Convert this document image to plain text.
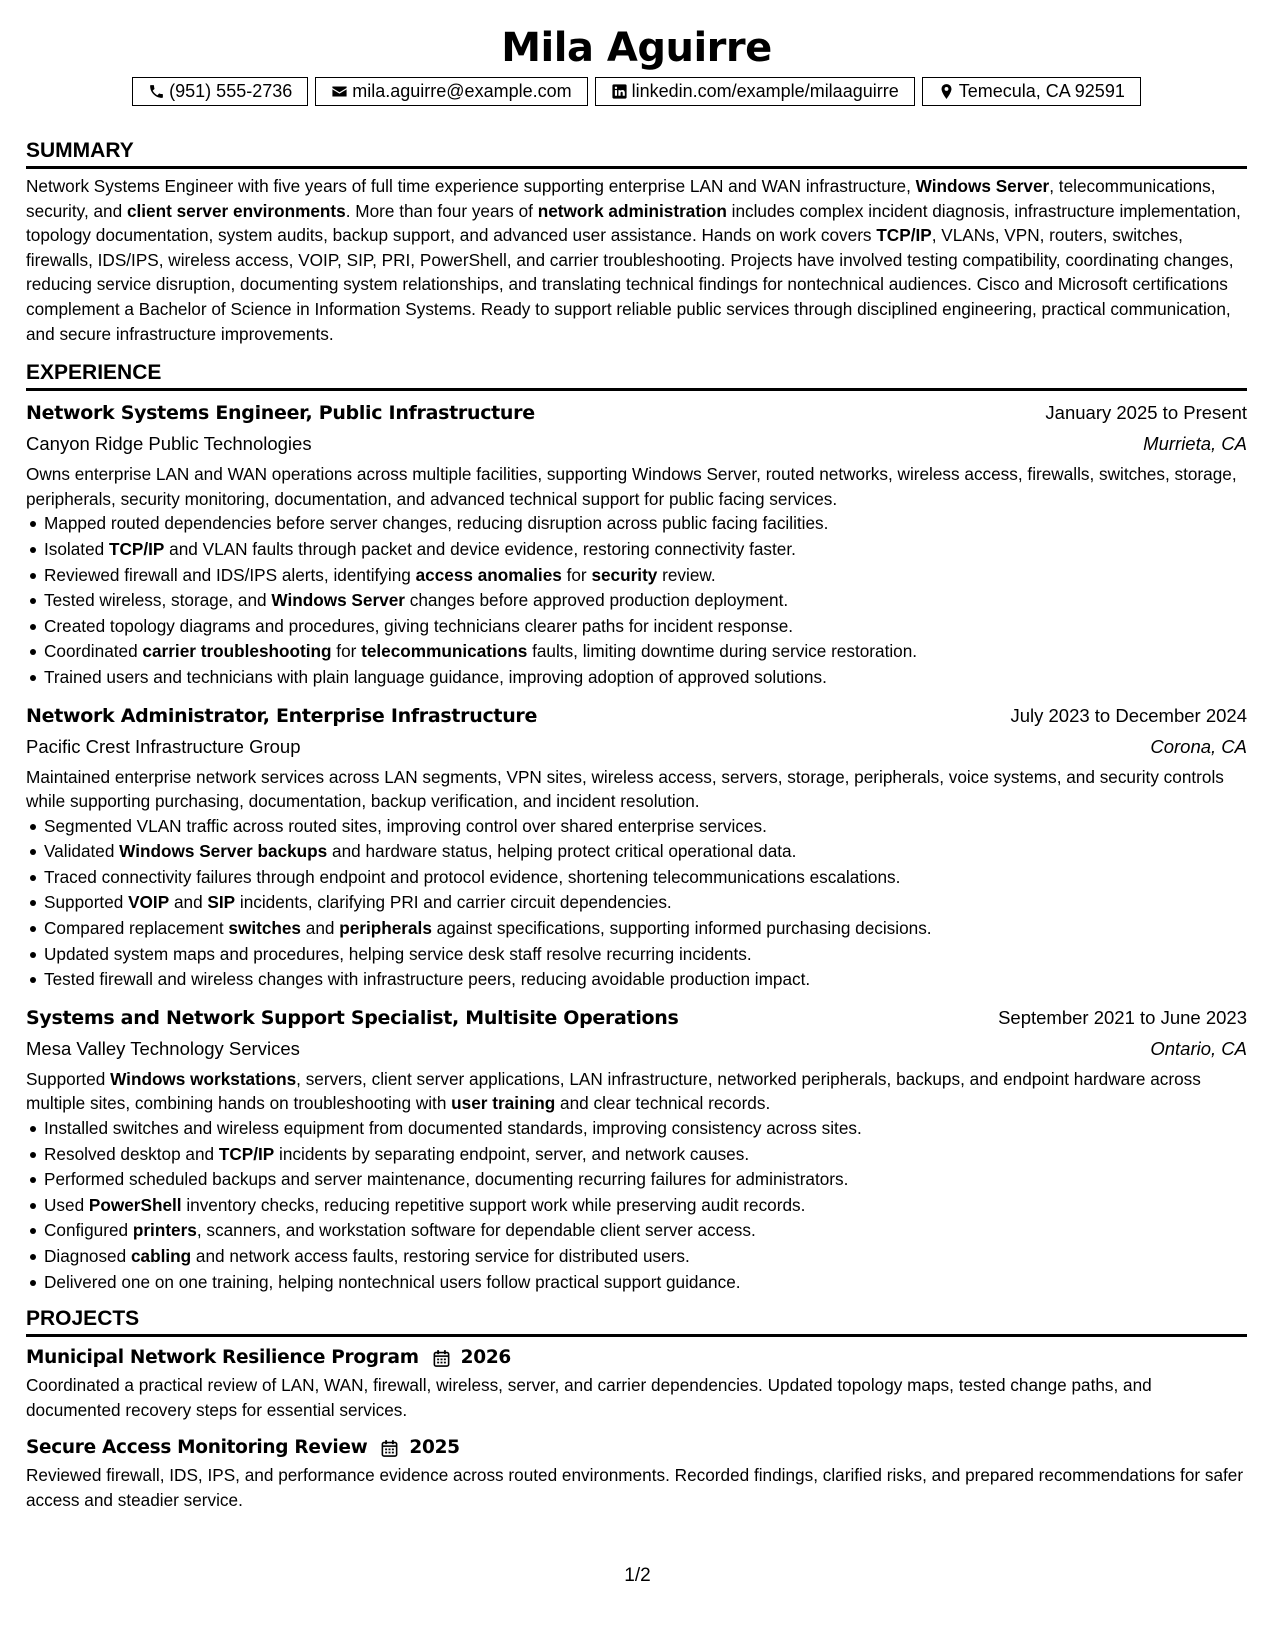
Mila Aguirre
(951) 555-2736	mila.aguirre@example.com	linkedin.com/example/milaaguirre	Temecula, CA 92591
SUMMARY

Network Systems Engineer with five years of full time experience supporting enterprise LAN and WAN infrastructure, Windows Server, telecommunications, security, and client server environments. More than four years of network administration includes complex incident diagnosis, infrastructure implementation, topology documentation, system audits, backup support, and advanced user assistance. Hands on work covers TCP/IP, VLANs, VPN, routers, switches, firewalls, IDS/IPS, wireless access, VOIP, SIP, PRI, PowerShell, and carrier troubleshooting. Projects have involved testing compatibility, coordinating changes, reducing service disruption, documenting system relationships, and translating technical findings for nontechnical audiences. Cisco and Microsoft certifications complement a Bachelor of Science in Information Systems. Ready to support reliable public services through disciplined engineering, practical communication, and secure infrastructure improvements.

EXPERIENCE
Network Systems Engineer, Public Infrastructure	January 2025 to Present
Canyon Ridge Public Technologies	Murrieta, CA

Owns enterprise LAN and WAN operations across multiple facilities, supporting Windows Server, routed networks, wireless access, firewalls, switches, storage, peripherals, security monitoring, documentation, and advanced technical support for public facing services.

Mapped routed dependencies before server changes, reducing disruption across public facing facilities.
Isolated TCP/IP and VLAN faults through packet and device evidence, restoring connectivity faster.
Reviewed firewall and IDS/IPS alerts, identifying access anomalies for security review.
Tested wireless, storage, and Windows Server changes before approved production deployment.
Created topology diagrams and procedures, giving technicians clearer paths for incident response.
Coordinated carrier troubleshooting for telecommunications faults, limiting downtime during service restoration.
Trained users and technicians with plain language guidance, improving adoption of approved solutions.
Network Administrator, Enterprise Infrastructure	July 2023 to December 2024
Pacific Crest Infrastructure Group	Corona, CA

Maintained enterprise network services across LAN segments, VPN sites, wireless access, servers, storage, peripherals, voice systems, and security controls while supporting purchasing, documentation, backup verification, and incident resolution.

Segmented VLAN traffic across routed sites, improving control over shared enterprise services.
Validated Windows Server backups and hardware status, helping protect critical operational data.
Traced connectivity failures through endpoint and protocol evidence, shortening telecommunications escalations.
Supported VOIP and SIP incidents, clarifying PRI and carrier circuit dependencies.
Compared replacement switches and peripherals against specifications, supporting informed purchasing decisions.
Updated system maps and procedures, helping service desk staff resolve recurring incidents.
Tested firewall and wireless changes with infrastructure peers, reducing avoidable production impact.
Systems and Network Support Specialist, Multisite Operations	September 2021 to June 2023
Mesa Valley Technology Services	Ontario, CA

Supported Windows workstations, servers, client server applications, LAN infrastructure, networked peripherals, backups, and endpoint hardware across multiple sites, combining hands on troubleshooting with user training and clear technical records.

Installed switches and wireless equipment from documented standards, improving consistency across sites.
Resolved desktop and TCP/IP incidents by separating endpoint, server, and network causes.
Performed scheduled backups and server maintenance, documenting recurring failures for administrators.
Used PowerShell inventory checks, reducing repetitive support work while preserving audit records.
Configured printers, scanners, and workstation software for dependable client server access.
Diagnosed cabling and network access faults, restoring service for distributed users.
Delivered one on one training, helping nontechnical users follow practical support guidance.
PROJECTS
Municipal Network Resilience Program 2026

Coordinated a practical review of LAN, WAN, firewall, wireless, server, and carrier dependencies. Updated topology maps, tested change paths, and documented recovery steps for essential services.

Secure Access Monitoring Review 2025

Reviewed firewall, IDS, IPS, and performance evidence across routed environments. Recorded findings, clarified risks, and prepared recommendations for safer access and steadier service.

1/2
